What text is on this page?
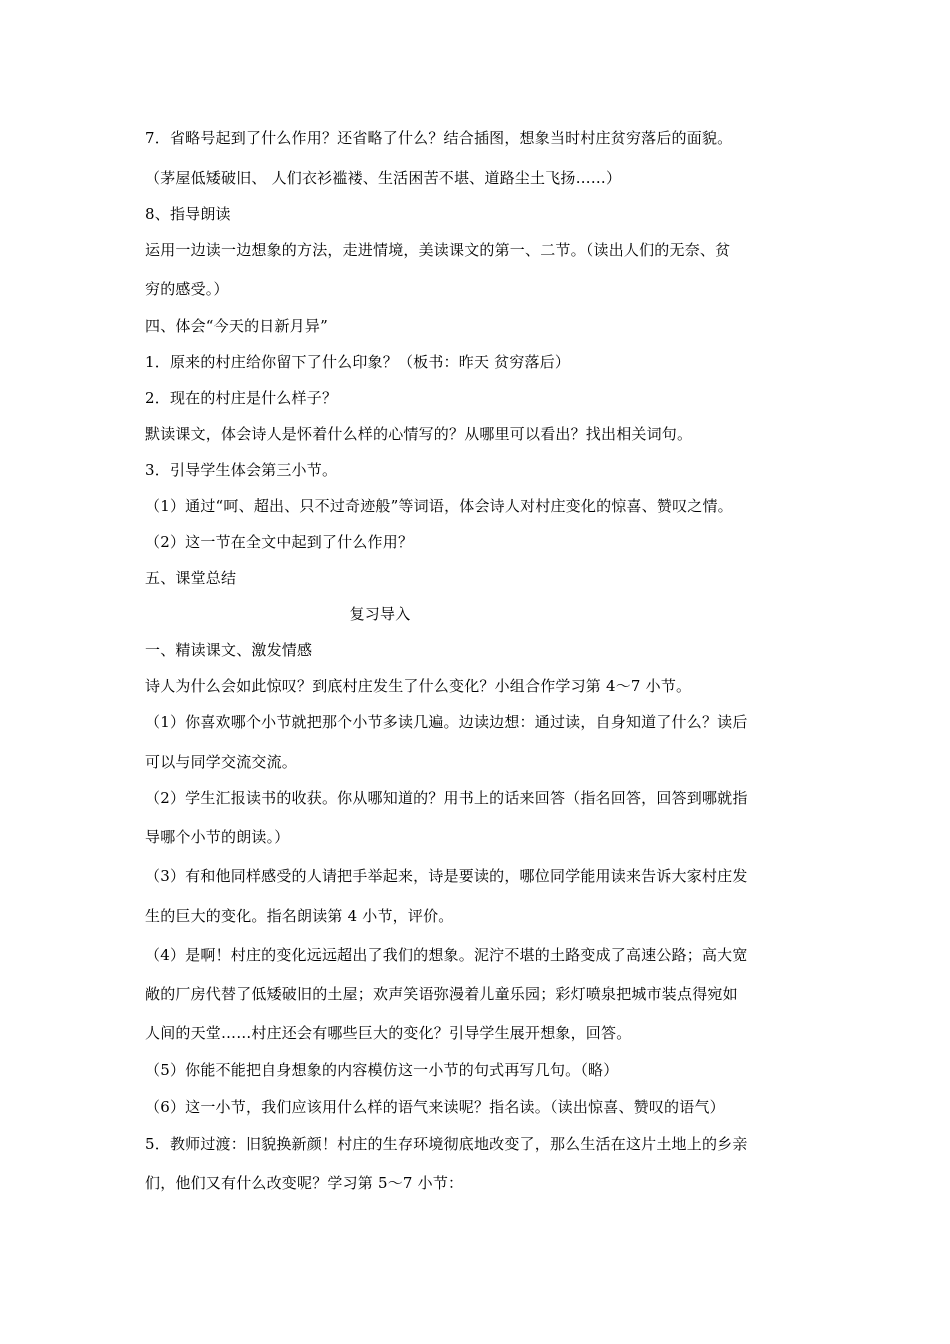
7．省略号起到了什么作用？还省略了什么？结合插图，想象当时村庄贫穷落后的面貌。
（茅屋低矮破旧、 人们衣衫褴褛、生活困苦不堪、道路尘土飞扬……）
8、指导朗读
运用一边读一边想象的方法，走进情境，美读课文的第一、二节。（读出人们的无奈、贫
穷的感受。）
四、体会“今天的日新月异”
1．原来的村庄给你留下了什么印象？（板书：昨天 贫穷落后）
2．现在的村庄是什么样子？
默读课文，体会诗人是怀着什么样的心情写的？从哪里可以看出？找出相关词句。
3．引导学生体会第三小节。
（1）通过“呵、超出、只不过奇迹般”等词语，体会诗人对村庄变化的惊喜、赞叹之情。
（2）这一节在全文中起到了什么作用？
五、课堂总结
复习导入
一、精读课文、激发情感
诗人为什么会如此惊叹？到底村庄发生了什么变化？小组合作学习第 4～7 小节。
（1）你喜欢哪个小节就把那个小节多读几遍。边读边想：通过读，自身知道了什么？读后
可以与同学交流交流。
（2）学生汇报读书的收获。你从哪知道的？用书上的话来回答（指名回答，回答到哪就指
导哪个小节的朗读。）
（3）有和他同样感受的人请把手举起来，诗是要读的，哪位同学能用读来告诉大家村庄发
生的巨大的变化。指名朗读第 4 小节，评价。
（4）是啊！村庄的变化远远超出了我们的想象。泥泞不堪的土路变成了高速公路；高大宽
敞的厂房代替了低矮破旧的土屋；欢声笑语弥漫着儿童乐园；彩灯喷泉把城市装点得宛如
人间的天堂……村庄还会有哪些巨大的变化？引导学生展开想象，回答。
（5）你能不能把自身想象的内容模仿这一小节的句式再写几句。（略）
（6）这一小节，我们应该用什么样的语气来读呢？指名读。（读出惊喜、赞叹的语气）
5．教师过渡：旧貌换新颜！村庄的生存环境彻底地改变了，那么生活在这片土地上的乡亲
们，他们又有什么改变呢？学习第 5～7 小节：
